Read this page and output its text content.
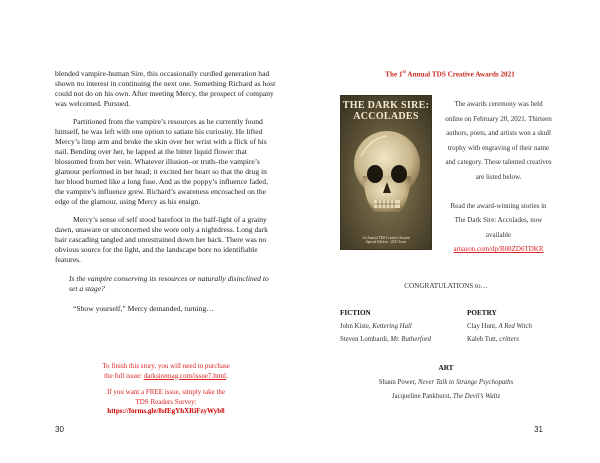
blended vampire-human Sire, this occasionally curdled generation had shown no interest in continuing the next one. Something Richard as host could not do on his own. After meeting Mercy, the prospect of company was welcomed. Pursued.

Partitioned from the vampire’s resources as he currently found himself, he was left with one option to satiate his curiosity. He lifted Mercy’s limp arm and broke the skin over her wrist with a flick of his nail. Bending over her, he lapped at the bitter liquid flower that blossomed from her vein. Whatever illusion–or truth–the vampire’s glamour performed in her head; it excited her heart so that the drug in her blood burned like a long fuse. And as the poppy’s influence faded, the vampire’s influence grew. Richard’s awareness encroached on the edge of the glamour, using Mercy as his ensign.

Mercy’s sense of self stood barefoot in the half-light of a grainy dawn, unaware or unconcerned she wore only a nightdress. Long dark hair cascading tangled and unrestrained down her back. There was no obvious source for the light, and the landscape bore no identifiable features.

Is the vampire conserving its resources or naturally disinclined to set a stage?

“Show yourself,” Mercy demanded, turning…

To finish this story, you will need to purchase
the full issue: darksiremag.com/issue7.html.
If you want a FREE issue, simply take the
TDS Readers Survey:
https://forms.gle/8sfEgYhXRiFzyWyb8
30
The 1st Annual TDS Creative Awards 2021
THE DARK SIRE:
ACCOLADES
1st Annual TDS Creative Awards
Special Edition · 2021 Issue
The awards ceremony was held online on February 20, 2021. Thirteen authors, poets, and artists won a skull trophy with engraving of their name and category. These talented creatives are listed below.
Read the award-winning stories in The Dark Sire: Accolades, now available
amazon.com/dp/B08ZD6TDKR
CONGRATULATIONS to…
FICTION
John Kiste, Kettering Hall
Steven Lombardi, Mr. Rutherford
POETRY
Clay Hunt, A Red Witch
Kaleb Tutt, critters
ART
Shaun Power, Never Talk to Strange Psychopaths
Jacqueline Pankhurst, The Devil’s Waltz
31
